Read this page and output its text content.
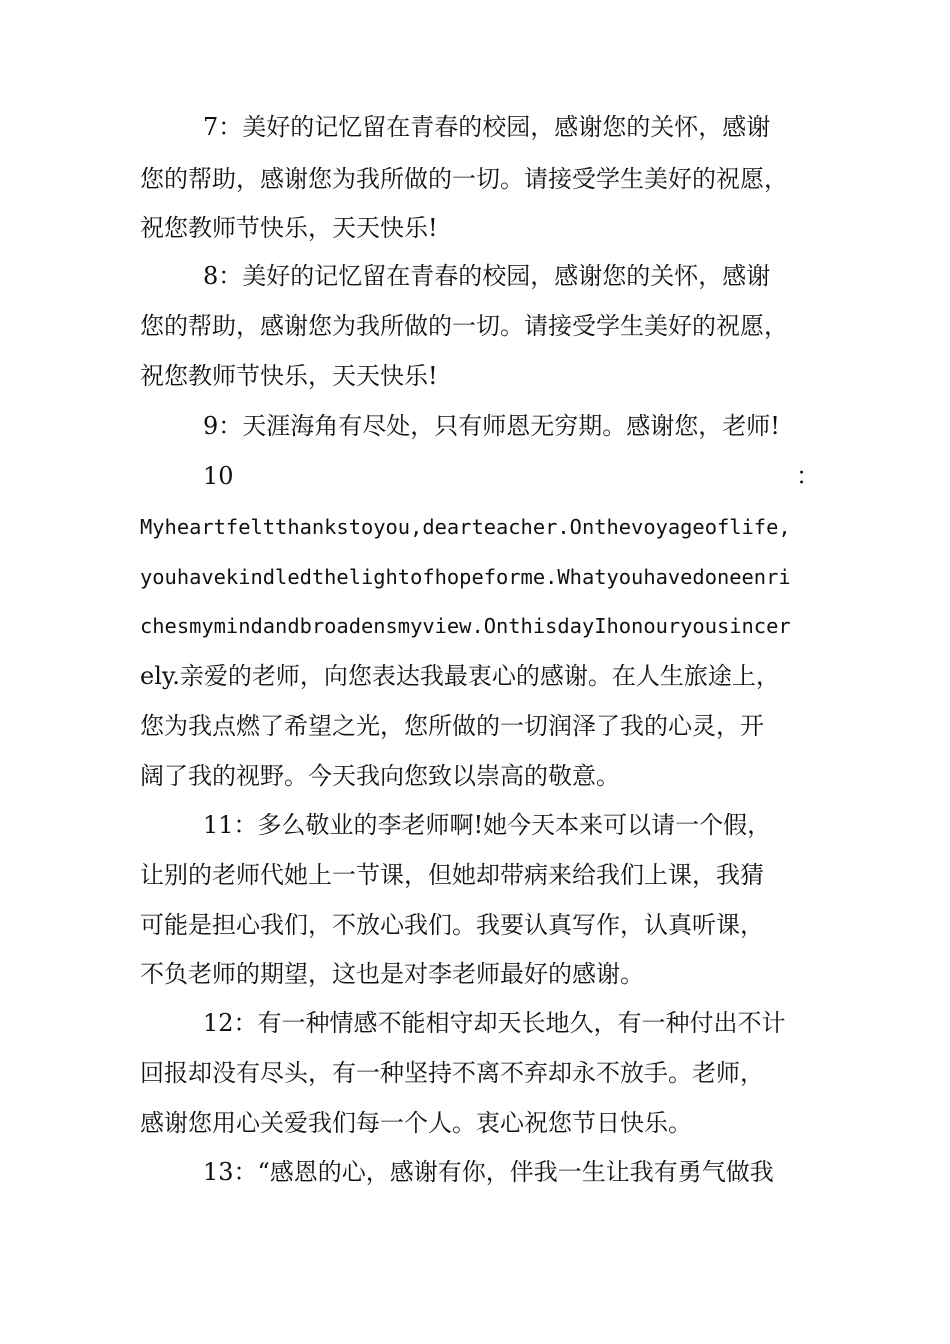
7：美好的记忆留在青春的校园，感谢您的关怀，感谢
您的帮助，感谢您为我所做的一切。请接受学生美好的祝愿，
祝您教师节快乐，天天快乐!
8：美好的记忆留在青春的校园，感谢您的关怀，感谢
您的帮助，感谢您为我所做的一切。请接受学生美好的祝愿，
祝您教师节快乐，天天快乐!
9：天涯海角有尽处，只有师恩无穷期。感谢您，老师!
10	：
Myheartfeltthankstoyou,dearteacher.Onthevoyageoflife,
youhavekindledthelightofhopeforme.Whatyouhavedoneenri
chesmymindandbroadensmyview.OnthisdayIhonouryousincer
ely.亲爱的老师，向您表达我最衷心的感谢。在人生旅途上，
您为我点燃了希望之光，您所做的一切润泽了我的心灵，开
阔了我的视野。今天我向您致以崇高的敬意。
11：多么敬业的李老师啊!她今天本来可以请一个假，
让别的老师代她上一节课，但她却带病来给我们上课，我猜
可能是担心我们，不放心我们。我要认真写作，认真听课，
不负老师的期望，这也是对李老师最好的感谢。
12：有一种情感不能相守却天长地久，有一种付出不计
回报却没有尽头，有一种坚持不离不弃却永不放手。老师，
感谢您用心关爱我们每一个人。衷心祝您节日快乐。
13：“感恩的心，感谢有你，伴我一生让我有勇气做我
